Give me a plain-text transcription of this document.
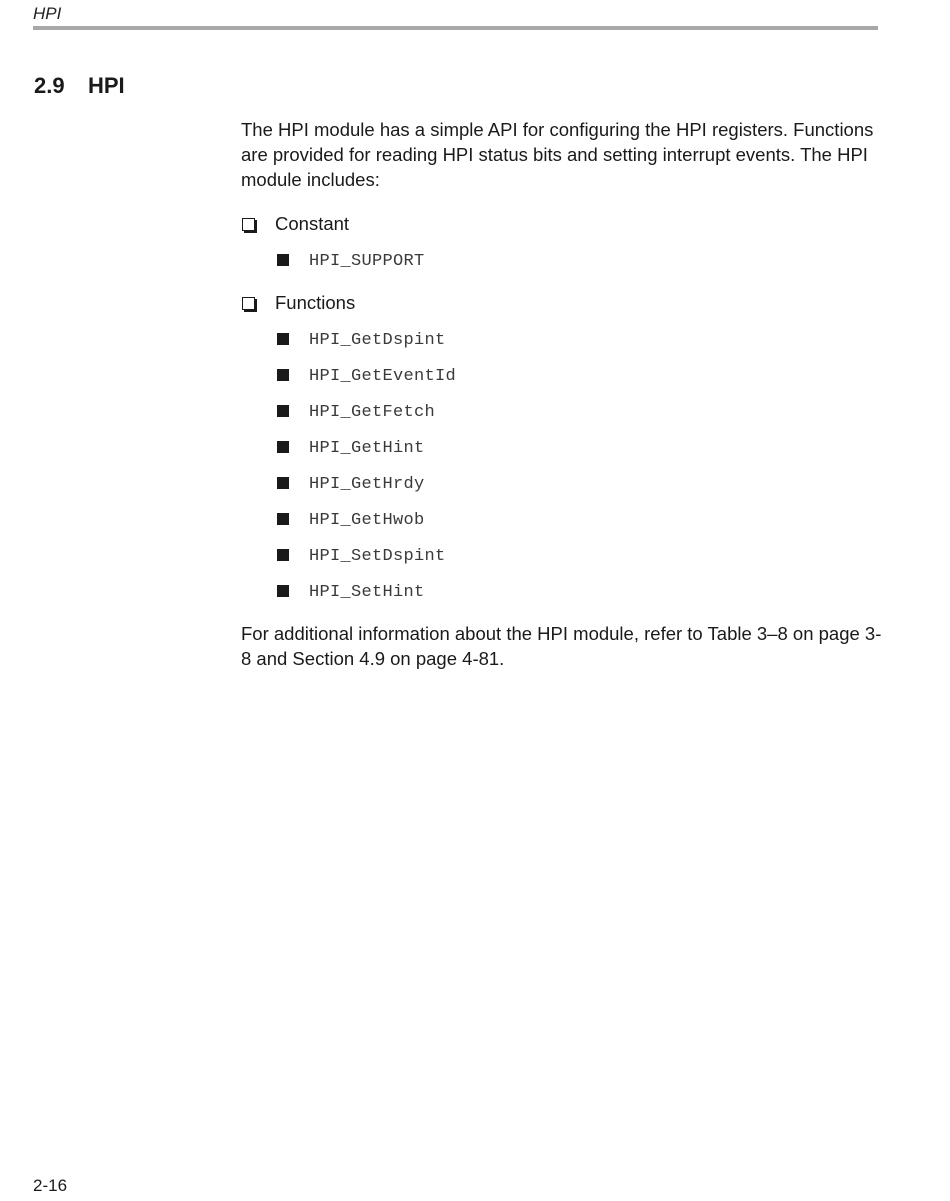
HPI
2.9 HPI

The HPI module has a simple API for configuring the HPI registers. Functions are provided for reading HPI status bits and setting interrupt events. The HPI module includes:

Constant
HPI_SUPPORT
Functions
HPI_GetDspint
HPI_GetEventId
HPI_GetFetch
HPI_GetHint
HPI_GetHrdy
HPI_GetHwob
HPI_SetDspint
HPI_SetHint

For additional information about the HPI module, refer to Table 3–8 on page 3-8 and Section 4.9 on page 4-81.

2-16
